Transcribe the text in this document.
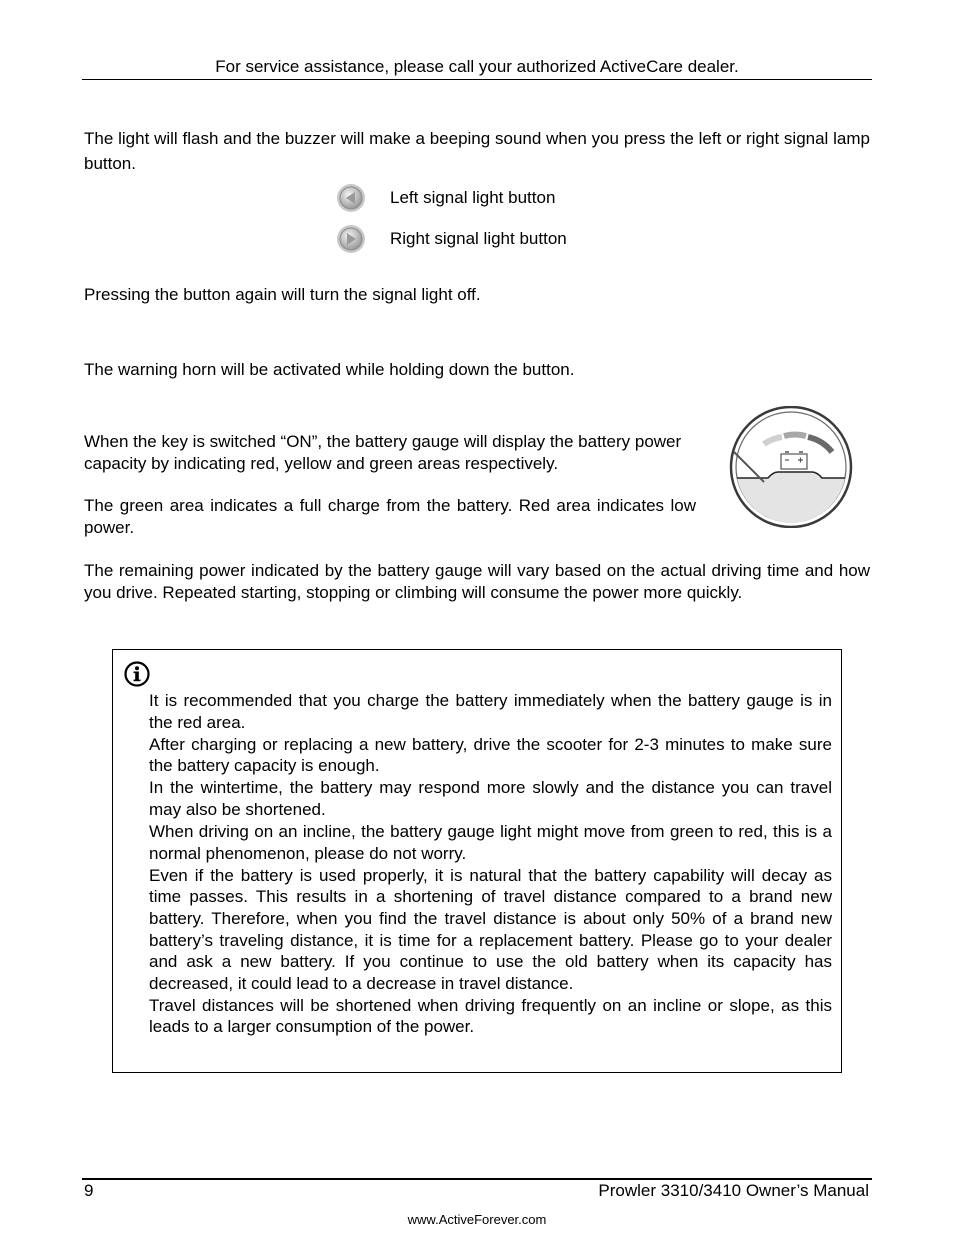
For service assistance, please call your authorized ActiveCare dealer.
The light will flash and the buzzer will make a beeping sound when you press the left or right signal lamp button.
Left signal light button
Right signal light button
Pressing the button again will turn the signal light off.
The warning horn will be activated while holding down the button.
When the key is switched “ON”, the battery gauge will display the battery power capacity by indicating red, yellow and green areas respectively.
The green area indicates a full charge from the battery. Red area indicates low power.
The remaining power indicated by the battery gauge will vary based on the actual driving time and how you drive. Repeated starting, stopping or climbing will consume the power more quickly.
It is recommended that you charge the battery immediately when the battery gauge is in the red area.
After charging or replacing a new battery, drive the scooter for 2-3 minutes to make sure the battery capacity is enough.
In the wintertime, the battery may respond more slowly and the distance you can travel may also be shortened.
When driving on an incline, the battery gauge light might move from green to red, this is a normal phenomenon, please do not worry.
Even if the battery is used properly, it is natural that the battery capability will decay as time passes. This results in a shortening of travel distance compared to a brand new battery. Therefore, when you find the travel distance is about only 50% of a brand new battery’s traveling distance, it is time for a replacement battery. Please go to your dealer and ask a new battery. If you continue to use the old battery when its capacity has decreased, it could lead to a decrease in travel distance.
Travel distances will be shortened when driving frequently on an incline or slope, as this leads to a larger consumption of the power.
9	Prowler 3310/3410 Owner’s Manual
www.ActiveForever.com
